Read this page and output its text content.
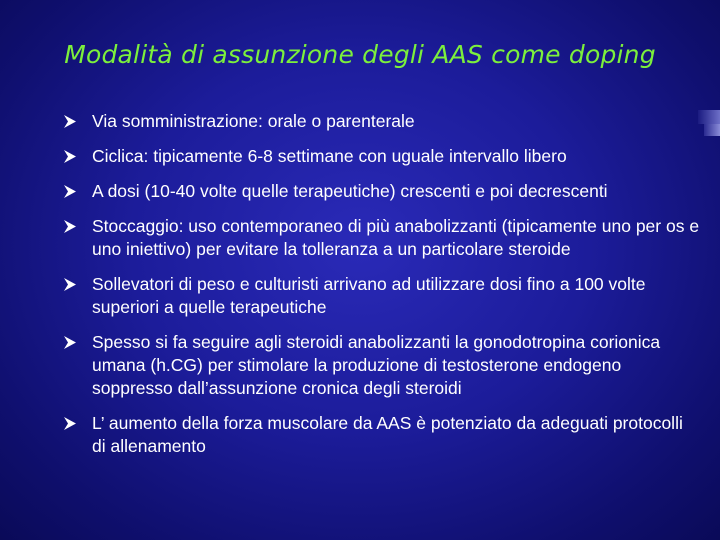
Modalità di assunzione degli AAS come doping
Via somministrazione: orale o parenterale
Ciclica: tipicamente 6-8 settimane con uguale intervallo libero
A dosi (10-40 volte quelle terapeutiche) crescenti e poi decrescenti
Stoccaggio: uso contemporaneo di più anabolizzanti (tipicamente uno per os e uno iniettivo) per evitare la tolleranza a un particolare steroide
Sollevatori di peso e culturisti arrivano ad utilizzare dosi fino a 100 volte superiori a quelle terapeutiche
Spesso si fa seguire agli steroidi anabolizzanti la gonodotropina corionica umana (h.CG) per stimolare la produzione di testosterone endogeno soppresso dall’assunzione cronica degli steroidi
L’ aumento della forza muscolare da AAS è potenziato da adeguati protocolli di allenamento
